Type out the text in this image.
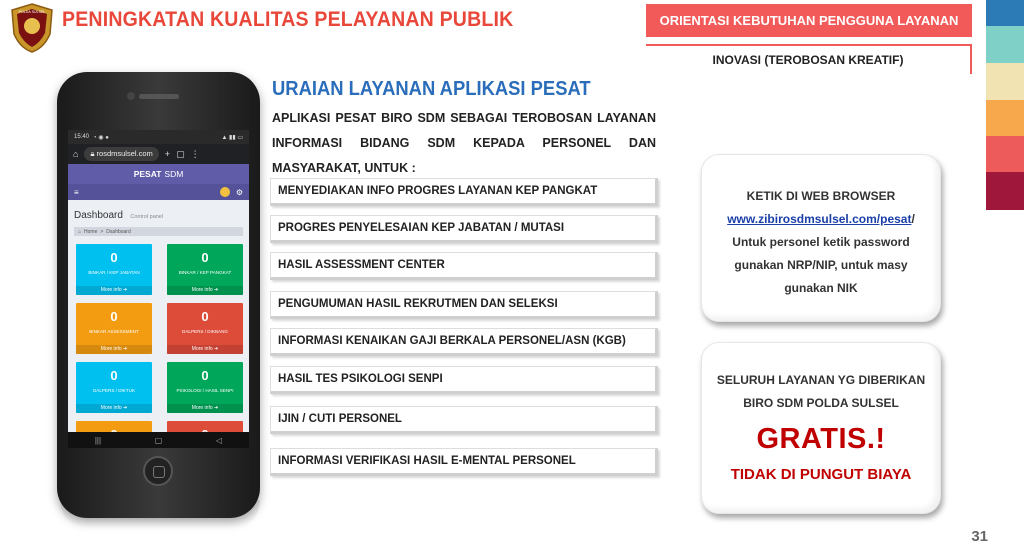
POLDA SULSEL PENINGKATAN KUALITAS PELAYANAN PUBLIK	ORIENTASI KEBUTUHAN PENGGUNA LAYANAN
INOVASI (TEROBOSAN KREATIF)
15:40 ◔ ◉ ●	▲ ▮▮ ▭
⌂	🔒︎ rosdmsulsel.com	+ ▢ ⋮
PESAT SDM
≡	⚙
Dashboard Control panel
⌂ Home > Dashboard
0
BINKAR / KEP JABATAN
More info ➜
0
BINKAR / KEP PANGKAT
More info ➜
0
BINKAR ASSESSMENT
More info ➜
0
DALPERS / DIKBANG
More info ➜
0
DALPERS / DIKTUK
More info ➜
0
PSIKOLOGI / HASIL SENPI
More info ➜
|||	▢	◁
URAIAN LAYANAN APLIKASI PESAT
APLIKASI PESAT BIRO SDM SEBAGAI TEROBOSAN LAYANAN INFORMASI BIDANG SDM KEPADA PERSONEL DAN MASYARAKAT, UNTUK :
MENYEDIAKAN INFO PROGRES LAYANAN KEP PANGKAT
PROGRES PENYELESAIAN KEP JABATAN / MUTASI
HASIL ASSESSMENT CENTER
PENGUMUMAN HASIL REKRUTMEN DAN SELEKSI
INFORMASI KENAIKAN GAJI BERKALA PERSONEL/ASN (KGB)
HASIL TES PSIKOLOGI SENPI
IJIN / CUTI PERSONEL
INFORMASI VERIFIKASI HASIL E-MENTAL PERSONEL
KETIK DI WEB BROWSER
www.zibirosdmsulsel.com/pesat/
Untuk personel ketik password
gunakan NRP/NIP, untuk masy
gunakan NIK
SELURUH LAYANAN YG DIBERIKAN
BIRO SDM POLDA SULSEL
GRATIS.!
TIDAK DI PUNGUT BIAYA
31
